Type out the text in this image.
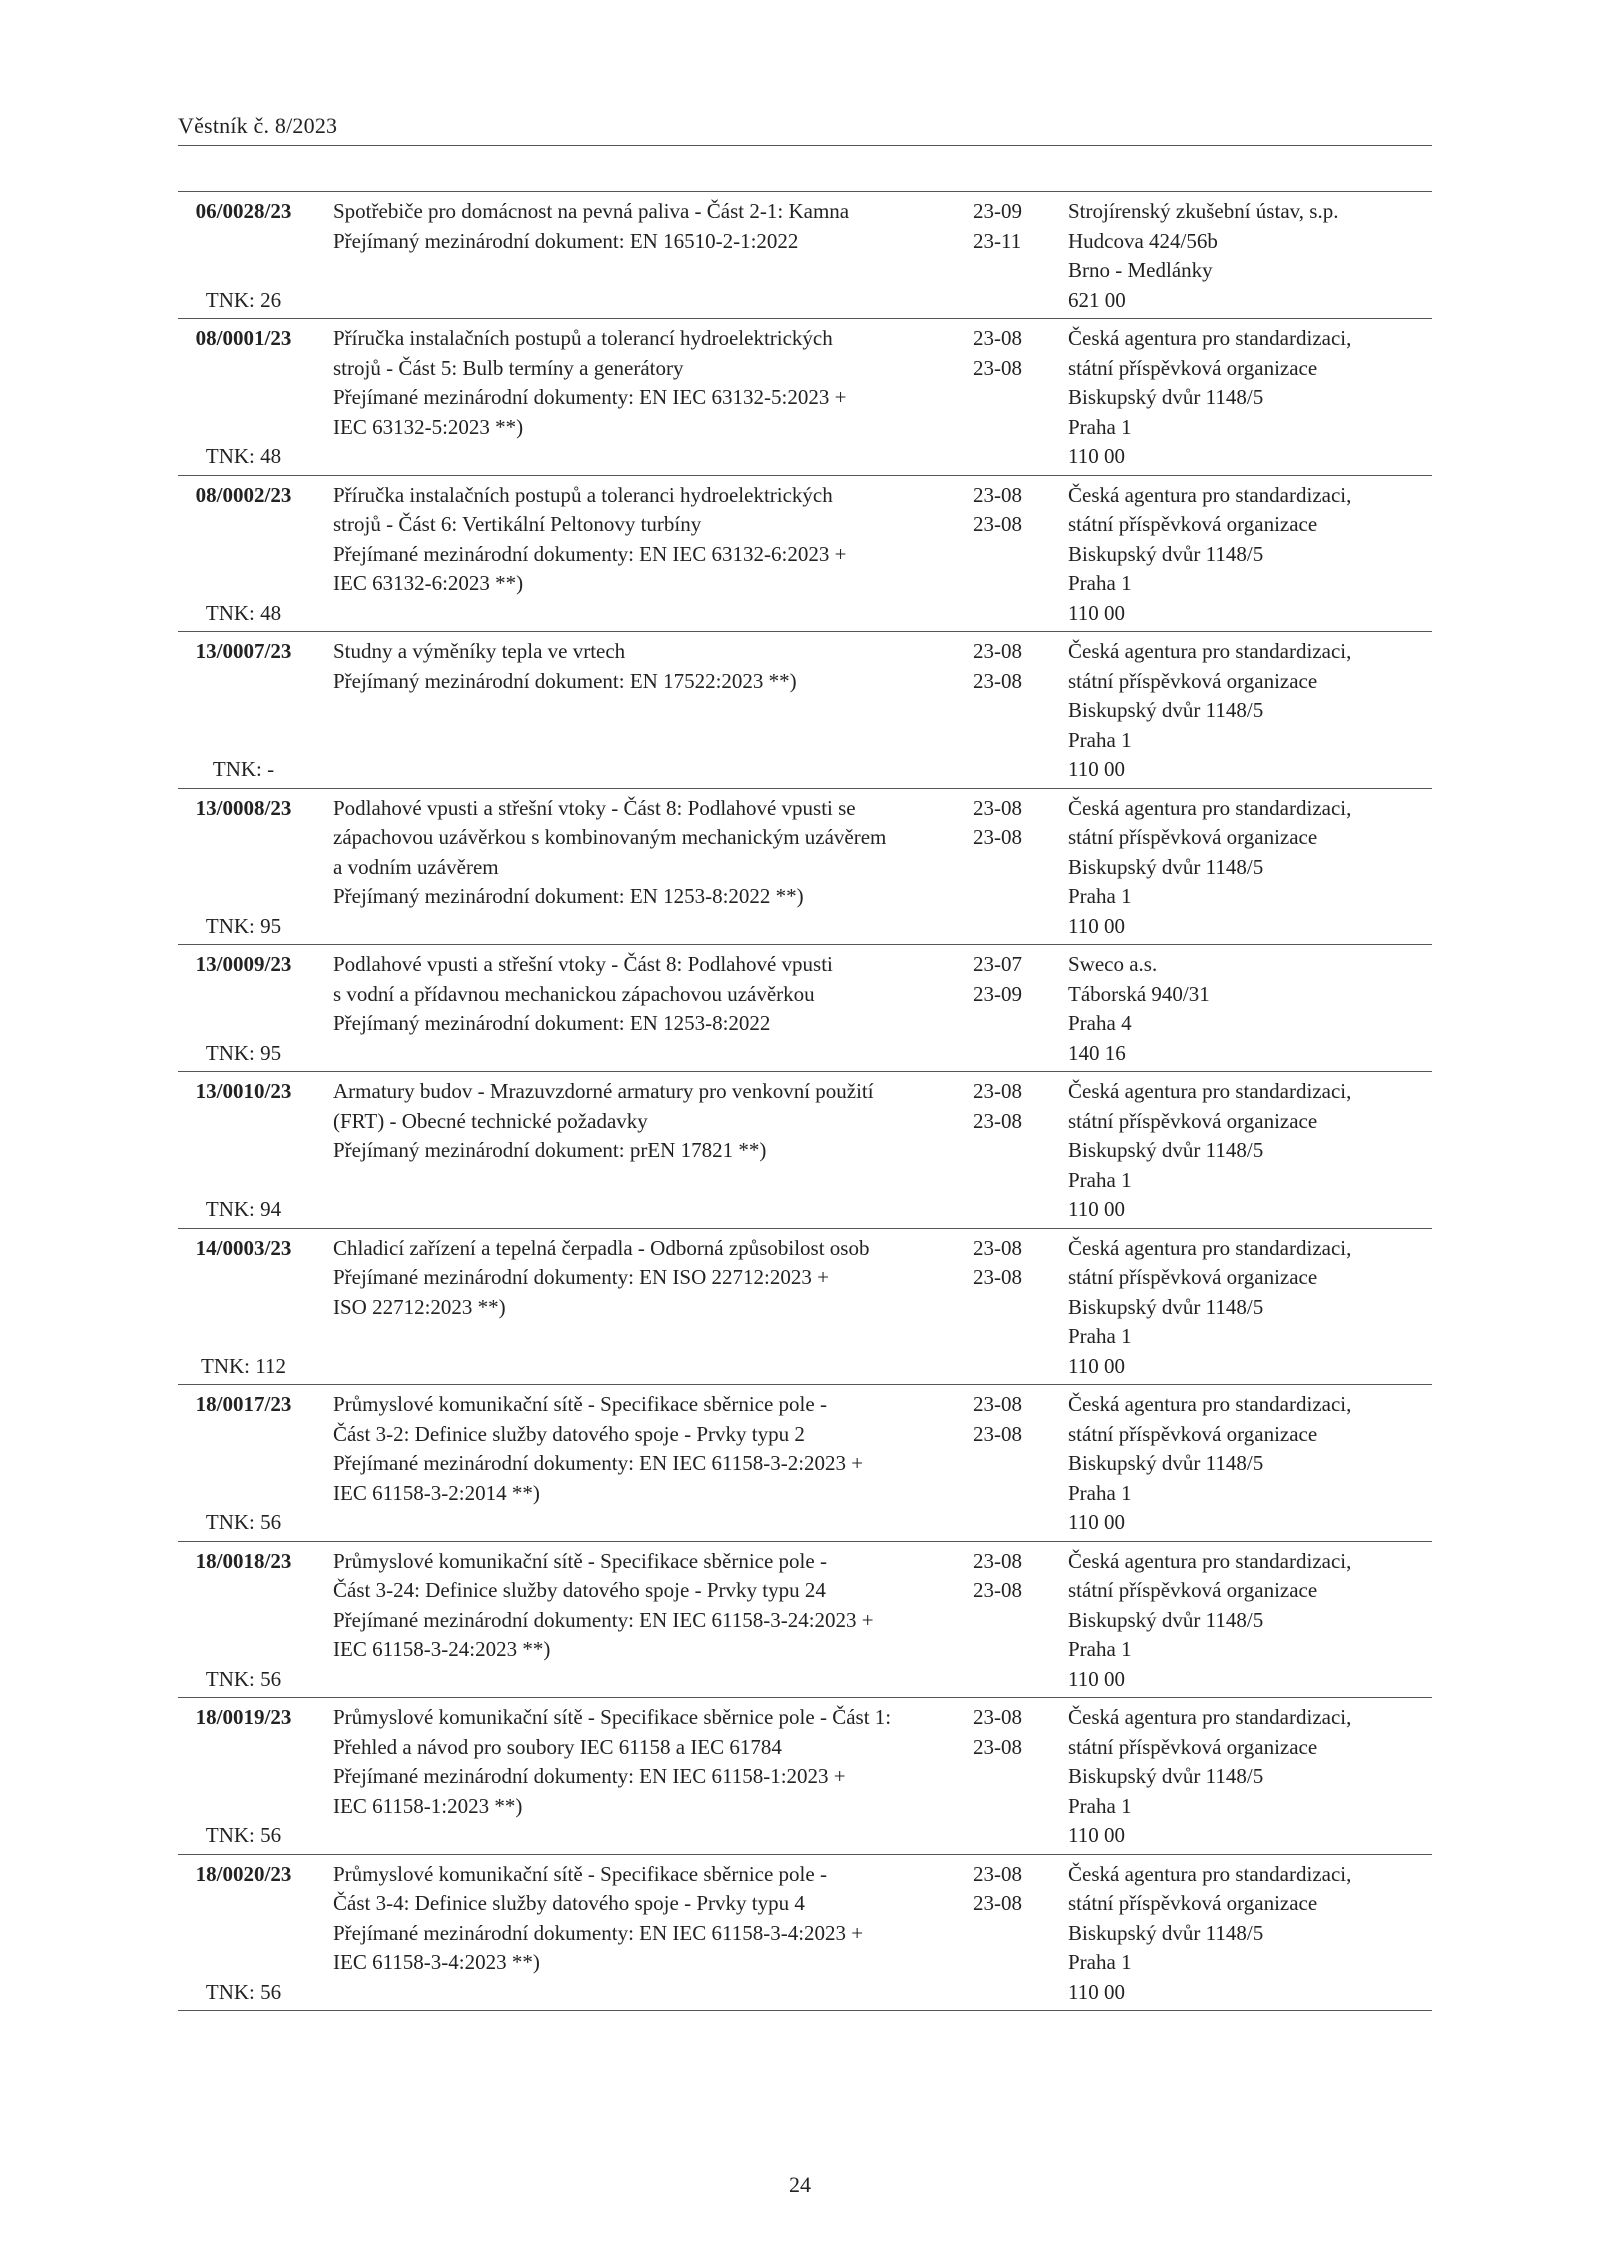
Věstník č. 8/2023
06/0028/23
TNK: 26
Spotřebiče pro domácnost na pevná paliva - Část 2-1: Kamna
Přejímaný mezinárodní dokument: EN 16510-2-1:2022
23-09
23-11
Strojírenský zkušební ústav, s.p.
Hudcova 424/56b
Brno - Medlánky
621 00
08/0001/23
TNK: 48
Příručka instalačních postupů a tolerancí hydroelektrických
strojů - Část 5: Bulb termíny a generátory
Přejímané mezinárodní dokumenty: EN IEC 63132-5:2023 +
IEC 63132-5:2023 **)
23-08
23-08
Česká agentura pro standardizaci,
státní příspěvková organizace
Biskupský dvůr 1148/5
Praha 1
110 00
08/0002/23
TNK: 48
Příručka instalačních postupů a toleranci hydroelektrických
strojů - Část 6: Vertikální Peltonovy turbíny
Přejímané mezinárodní dokumenty: EN IEC 63132-6:2023 +
IEC 63132-6:2023 **)
23-08
23-08
Česká agentura pro standardizaci,
státní příspěvková organizace
Biskupský dvůr 1148/5
Praha 1
110 00
13/0007/23
TNK: -
Studny a výměníky tepla ve vrtech
Přejímaný mezinárodní dokument: EN 17522:2023 **)
23-08
23-08
Česká agentura pro standardizaci,
státní příspěvková organizace
Biskupský dvůr 1148/5
Praha 1
110 00
13/0008/23
TNK: 95
Podlahové vpusti a střešní vtoky - Část 8: Podlahové vpusti se
zápachovou uzávěrkou s kombinovaným mechanickým uzávěrem
a vodním uzávěrem
Přejímaný mezinárodní dokument: EN 1253-8:2022 **)
23-08
23-08
Česká agentura pro standardizaci,
státní příspěvková organizace
Biskupský dvůr 1148/5
Praha 1
110 00
13/0009/23
TNK: 95
Podlahové vpusti a střešní vtoky - Část 8: Podlahové vpusti
s vodní a přídavnou mechanickou zápachovou uzávěrkou
Přejímaný mezinárodní dokument: EN 1253-8:2022
23-07
23-09
Sweco a.s.
Táborská 940/31
Praha 4
140 16
13/0010/23
TNK: 94
Armatury budov - Mrazuvzdorné armatury pro venkovní použití
(FRT) - Obecné technické požadavky
Přejímaný mezinárodní dokument: prEN 17821 **)
23-08
23-08
Česká agentura pro standardizaci,
státní příspěvková organizace
Biskupský dvůr 1148/5
Praha 1
110 00
14/0003/23
TNK: 112
Chladicí zařízení a tepelná čerpadla - Odborná způsobilost osob
Přejímané mezinárodní dokumenty: EN ISO 22712:2023 +
ISO 22712:2023 **)
23-08
23-08
Česká agentura pro standardizaci,
státní příspěvková organizace
Biskupský dvůr 1148/5
Praha 1
110 00
18/0017/23
TNK: 56
Průmyslové komunikační sítě - Specifikace sběrnice pole -
Část 3-2: Definice služby datového spoje - Prvky typu 2
Přejímané mezinárodní dokumenty: EN IEC 61158-3-2:2023 +
IEC 61158-3-2:2014 **)
23-08
23-08
Česká agentura pro standardizaci,
státní příspěvková organizace
Biskupský dvůr 1148/5
Praha 1
110 00
18/0018/23
TNK: 56
Průmyslové komunikační sítě - Specifikace sběrnice pole -
Část 3-24: Definice služby datového spoje - Prvky typu 24
Přejímané mezinárodní dokumenty: EN IEC 61158-3-24:2023 +
IEC 61158-3-24:2023 **)
23-08
23-08
Česká agentura pro standardizaci,
státní příspěvková organizace
Biskupský dvůr 1148/5
Praha 1
110 00
18/0019/23
TNK: 56
Průmyslové komunikační sítě - Specifikace sběrnice pole - Část 1:
Přehled a návod pro soubory IEC 61158 a IEC 61784
Přejímané mezinárodní dokumenty: EN IEC 61158-1:2023 +
IEC 61158-1:2023 **)
23-08
23-08
Česká agentura pro standardizaci,
státní příspěvková organizace
Biskupský dvůr 1148/5
Praha 1
110 00
18/0020/23
TNK: 56
Průmyslové komunikační sítě - Specifikace sběrnice pole -
Část 3-4: Definice služby datového spoje - Prvky typu 4
Přejímané mezinárodní dokumenty: EN IEC 61158-3-4:2023 +
IEC 61158-3-4:2023 **)
23-08
23-08
Česká agentura pro standardizaci,
státní příspěvková organizace
Biskupský dvůr 1148/5
Praha 1
110 00
24
